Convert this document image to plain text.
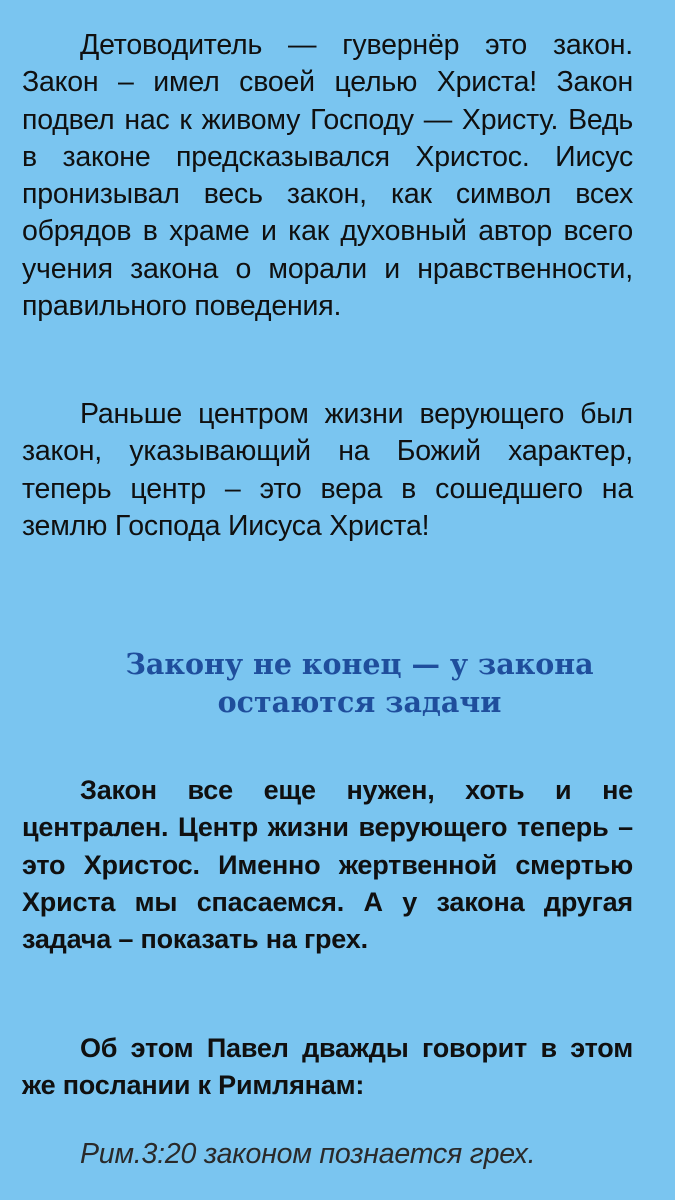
Детоводитель — гувернёр это закон. Закон – имел своей целью Христа! Закон подвел нас к живому Господу — Христу. Ведь в законе предсказывался Христос. Иисус пронизывал весь закон, как символ всех обрядов в храме и как духовный автор всего учения закона о морали и нравственности, правильного поведения.

Раньше центром жизни верующего был закон, указывающий на Божий характер, теперь центр – это вера в сошедшего на землю Господа Иисуса Христа!

Закону не конец — у закона остаются задачи

Закон все еще нужен, хоть и не централен. Центр жизни верующего теперь – это Христос. Именно жертвенной смертью Христа мы спасаемся. А у закона другая задача – показать на грех.

Об этом Павел дважды говорит в этом же послании к Римлянам:

Рим.3:20 законом познается грех.
